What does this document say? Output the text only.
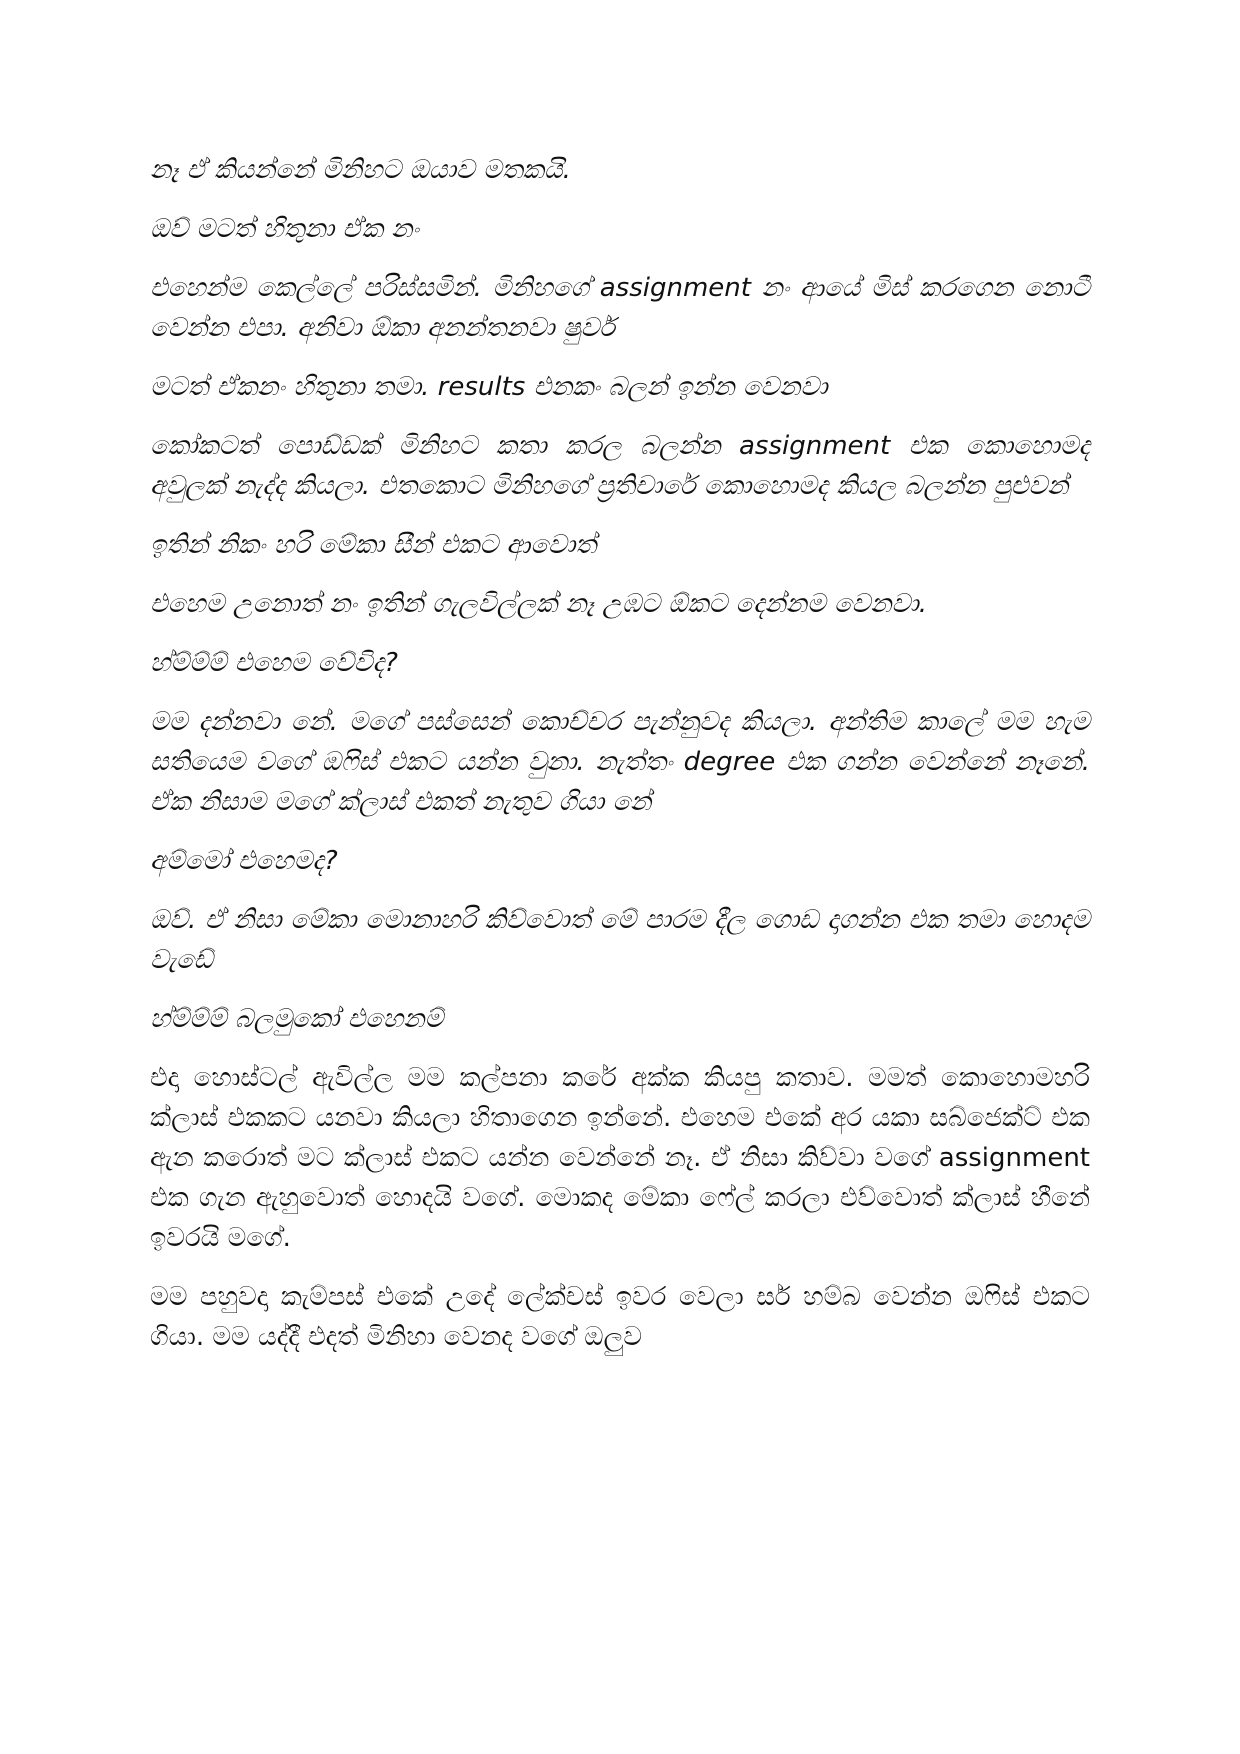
නෑ ඒ කියන්නේ මිනිහට ඔයාව මතකයි.

ඔව් මටත් හිතුනා ඒක නං

එහෙන්ම කෙල්ලේ පරිස්සමින්. මිනිහගේ assignment නං ආයේ මිස් කරගෙන නොටී වෙන්න එපා. අනිවා ඕකා අනන්තනවා ෂුවර්

මටත් ඒකනං හිතුනා තමා. results එනකං බලන් ඉන්න වෙනවා

කෝකටත් පොඩ්ඩක් මිනිහට කතා කරල බලන්න assignment එක කොහොමද අවුලක් නැද්ද කියලා. එතකොට මිනිහගේ ප්‍රතිචාරේ කොහොමද කියල බලන්න පුළුවන්

ඉතින් නිකං හරි මේකා සීන් එකට ආවොත්

එහෙම උනොත් නං ඉතින් ගැලවිල්ලක් නෑ උඹට ඕකට දෙන්නම වෙනවා.

හ්ම්ම්ම් එහෙම වේවිද?

මම දන්නවා නේ. මගේ පස්සෙන් කොච්චර පැන්නුවද කියලා. අන්තිම කාලේ මම හැම සතියෙම වගේ ඔෆිස් එකට යන්න වුනා. නැත්තං degree එක ගන්න වෙන්නේ නෑනේ. ඒක නිසාම මගේ ක්ලාස් එකත් නැතුව ගියා නේ

අම්මෝ එහෙමද?

ඔව්. ඒ නිසා මේකා මොනාහරි කිව්වොත් මේ පාරම දීල ගොඩ දාගන්න එක තමා හොදම වැඩේ

හ්ම්ම්ම් බලමුකෝ එහෙනම්

එදා හොස්ටල් ඇවිල්ල මම කල්පනා කරේ අක්ක කියපු කතාව. මමත් කොහොමහරි ක්ලාස් එකකට යනවා කියලා හිතාගෙන ඉන්නේ. එහෙම එකේ අර යකා සබ්ජෙක්ට් එක ඇන කරොත් මට ක්ලාස් එකට යන්න වෙන්නේ නෑ. ඒ නිසා කිව්වා වගේ assignment එක ගැන ඇහුවොත් හොදයි වගේ. මොකද මේකා ෆේල් කරලා එව්වොත් ක්ලාස් හීනේ ඉවරයි මගේ.

මම පහුවදා කැම්පස් එකේ උදේ ලේක්චස් ඉවර වෙලා සර් හම්බ වෙන්න ඔෆිස් එකට ගියා. මම යද්දී එදත් මිනිහා වෙනද වගේ ඔලුව
